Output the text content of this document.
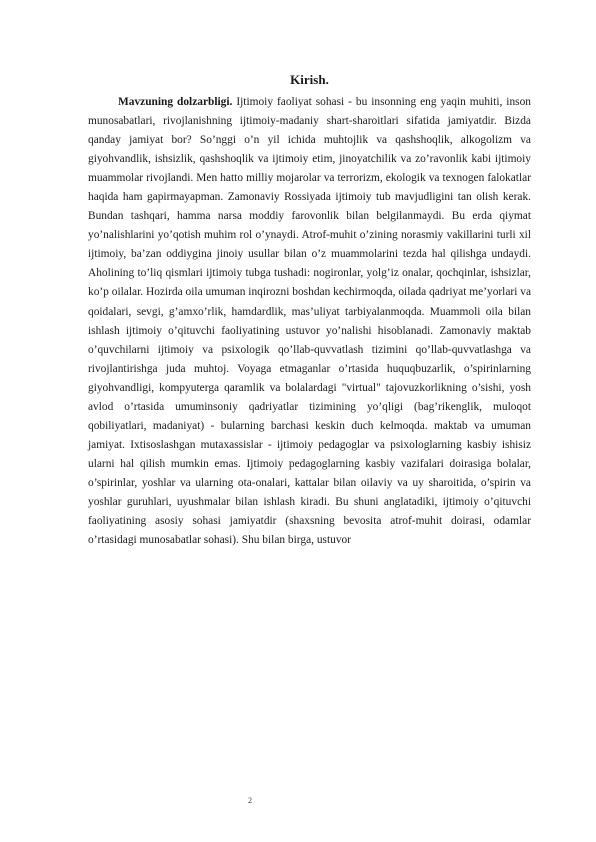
Kirish.

Mavzuning dolzarbligi. Ijtimoiy faoliyat sohasi - bu insonning eng yaqin muhiti, inson munosabatlari, rivojlanishning ijtimoiy-madaniy shart-sharoitlari sifatida jamiyatdir. Bizda qanday jamiyat bor? So’nggi o’n yil ichida muhtojlik va qashshoqlik, alkogolizm va giyohvandlik, ishsizlik, qashshoqlik va ijtimoiy etim, jinoyatchilik va zo’ravonlik kabi ijtimoiy muammolar rivojlandi. Men hatto milliy mojarolar va terrorizm, ekologik va texnogen falokatlar haqida ham gapirmayapman. Zamonaviy Rossiyada ijtimoiy tub mavjudligini tan olish kerak. Bundan tashqari, hamma narsa moddiy farovonlik bilan belgilanmaydi. Bu erda qiymat yo’nalishlarini yo’qotish muhim rol o’ynaydi. Atrof-muhit o’zining norasmiy vakillarini turli xil ijtimoiy, ba’zan oddiygina jinoiy usullar bilan o’z muammolarini tezda hal qilishga undaydi. Aholining to’liq qismlari ijtimoiy tubga tushadi: nogironlar, yolg’iz onalar, qochqinlar, ishsizlar, ko’p oilalar. Hozirda oila umuman inqirozni boshdan kechirmoqda, oilada qadriyat me’yorlari va qoidalari, sevgi, g’amxo’rlik, hamdardlik, mas’uliyat tarbiyalanmoqda. Muammoli oila bilan ishlash ijtimoiy o’qituvchi faoliyatining ustuvor yo’nalishi hisoblanadi. Zamonaviy maktab o’quvchilarni ijtimoiy va psixologik qo’llab-quvvatlash tizimini qo’llab-quvvatlashga va rivojlantirishga juda muhtoj. Voyaga etmaganlar o’rtasida huquqbuzarlik, o’spirinlarning giyohvandligi, kompyuterga qaramlik va bolalardagi "virtual" tajovuzkorlikning o’sishi, yosh avlod o’rtasida umuminsoniy qadriyatlar tizimining yo’qligi (bag’rikenglik, muloqot qobiliyatlari, madaniyat) - bularning barchasi keskin duch kelmoqda. maktab va umuman jamiyat. Ixtisoslashgan mutaxassislar - ijtimoiy pedagoglar va psixologlarning kasbiy ishisiz ularni hal qilish mumkin emas. Ijtimoiy pedagoglarning kasbiy vazifalari doirasiga bolalar, o’spirinlar, yoshlar va ularning ota-onalari, kattalar bilan oilaviy va uy sharoitida, o’spirin va yoshlar guruhlari, uyushmalar bilan ishlash kiradi. Bu shuni anglatadiki, ijtimoiy o’qituvchi faoliyatining asosiy sohasi jamiyatdir (shaxsning bevosita atrof-muhit doirasi, odamlar o’rtasidagi munosabatlar sohasi). Shu bilan birga, ustuvor

2
